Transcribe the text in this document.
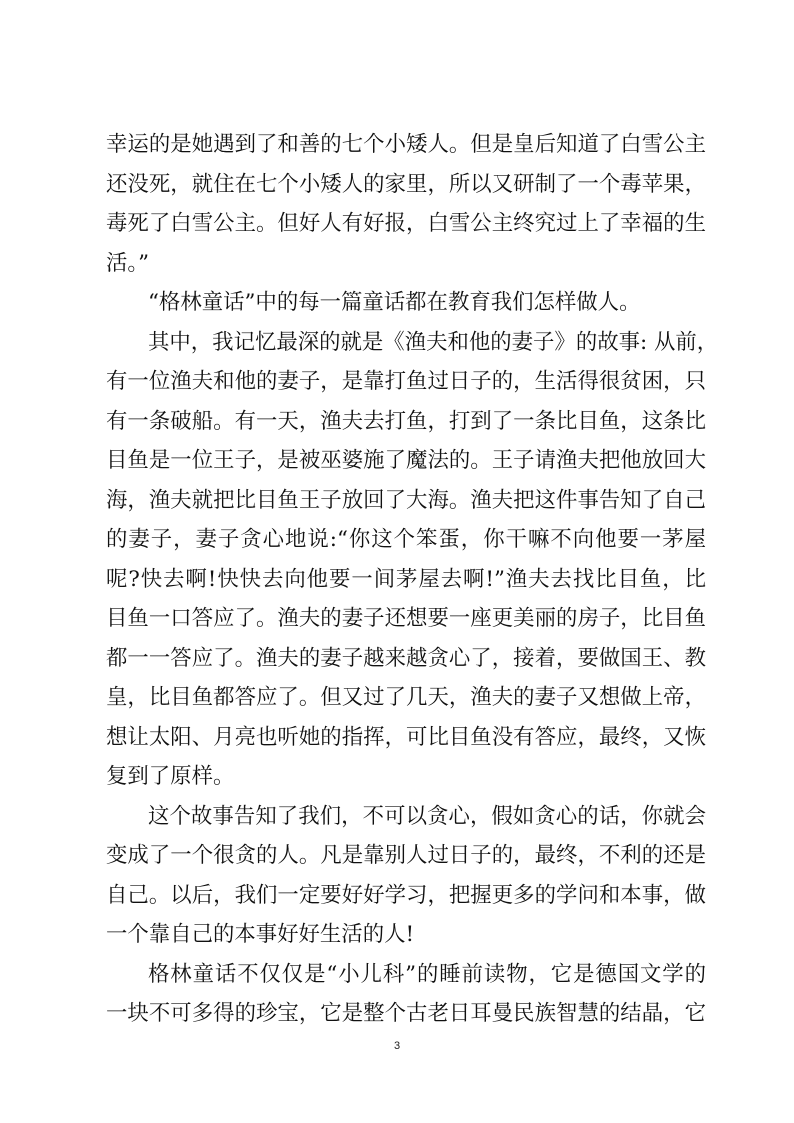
幸运的是她遇到了和善的七个小矮人。但是皇后知道了白雪公主
还没死，就住在七个小矮人的家里，所以又研制了一个毒苹果，
毒死了白雪公主。但好人有好报，白雪公主终究过上了幸福的生
活。”
“格林童话”中的每一篇童话都在教育我们怎样做人。
其中，我记忆最深的就是《渔夫和他的妻子》的故事: 从前，
有一位渔夫和他的妻子，是靠打鱼过日子的，生活得很贫困，只
有一条破船。有一天，渔夫去打鱼，打到了一条比目鱼，这条比
目鱼是一位王子，是被巫婆施了魔法的。王子请渔夫把他放回大
海，渔夫就把比目鱼王子放回了大海。渔夫把这件事告知了自己
的妻子，妻子贪心地说:“你这个笨蛋，你干嘛不向他要一茅屋
呢?快去啊!快快去向他要一间茅屋去啊!”渔夫去找比目鱼，比
目鱼一口答应了。渔夫的妻子还想要一座更美丽的房子，比目鱼
都一一答应了。渔夫的妻子越来越贪心了，接着，要做国王、教
皇，比目鱼都答应了。但又过了几天，渔夫的妻子又想做上帝，
想让太阳、月亮也听她的指挥，可比目鱼没有答应，最终，又恢
复到了原样。
这个故事告知了我们，不可以贪心，假如贪心的话，你就会
变成了一个很贪的人。凡是靠别人过日子的，最终，不利的还是
自己。以后，我们一定要好好学习，把握更多的学问和本事，做
一个靠自己的本事好好生活的人!
格林童话不仅仅是“小儿科”的睡前读物，它是德国文学的
一块不可多得的珍宝，它是整个古老日耳曼民族智慧的结晶，它
3
